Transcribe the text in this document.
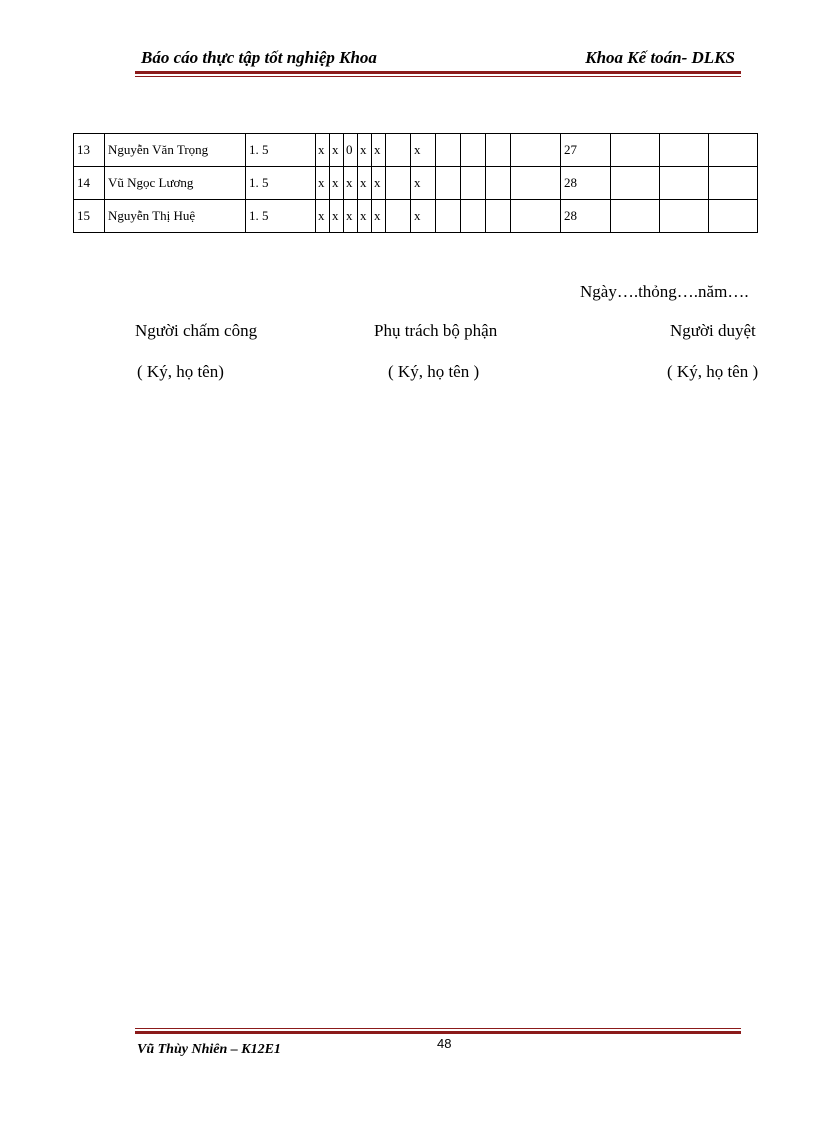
Báo cáo thực tập tốt nghiệp Khoa	Khoa Kế toán- DLKS
13	Nguyễn Văn Trọng	1. 5	x	x	0	x	x		x					27			
14	Vũ Ngọc Lương	1. 5	x	x	x	x	x		x					28			
15	Nguyễn Thị Huệ	1. 5	x	x	x	x	x		x					28			
Ngày….thỏng….năm….
Người chấm công	Phụ trách bộ phận	Người duyệt
( Ký, họ tên)	( Ký, họ tên )	( Ký, họ tên )
48
Vũ Thùy Nhiên – K12E1
